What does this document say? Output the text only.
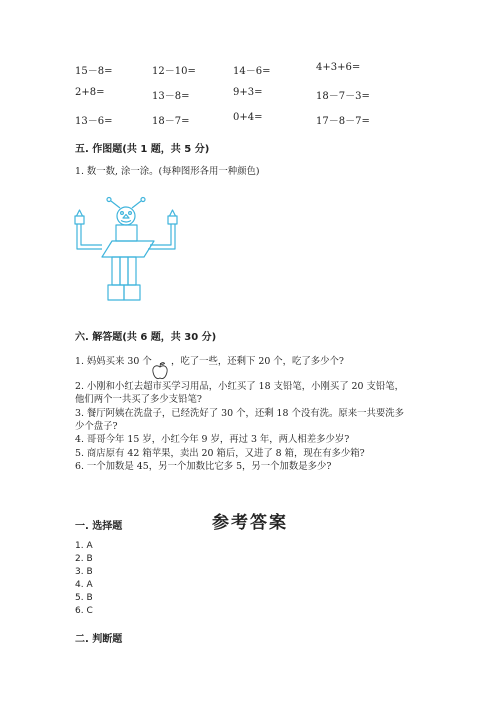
15－8=	12－10=	14－6=	4+3+6=
2+8=	13－8=	9+3=	18－7－3=
13－6=	18－7=	0+4=	17－8－7=
五. 作图题(共 1 题，共 5 分)
1. 数一数, 涂一涂。(每种图形各用一种颜色)
六. 解答题(共 6 题，共 30 分)
1. 妈妈买来 30 个 ，吃了一些，还剩下 20 个，吃了多少个?
2. 小刚和小红去超市买学习用品，小红买了 18 支铅笔，小刚买了 20 支铅笔，
他们两个一共买了多少支铅笔?
3. 餐厅阿姨在洗盘子，已经洗好了 30 个，还剩 18 个没有洗。原来一共要洗多
少个盘子?
4. 哥哥今年 15 岁，小红今年 9 岁，再过 3 年，两人相差多少岁?
5. 商店原有 42 箱苹果，卖出 20 箱后，又进了 8 箱，现在有多少箱?
6. 一个加数是 45，另一个加数比它多 5，另一个加数是多少?
参考答案
一. 选择题
1. A
2. B
3. B
4. A
5. B
6. C
二. 判断题
